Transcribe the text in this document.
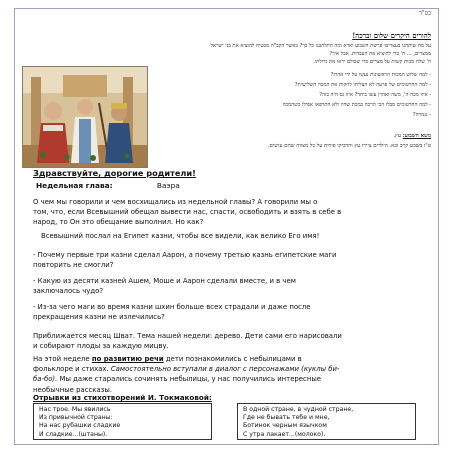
בס"ד
להורים היקרים שלום וברכה!
על מה שותהגו בעצרים׳ פרשת השבוע וארא ומה התלהבנו כל כך? באשר הקב"ה מבטיח להוציא את בני ישראל
ממצרים, ... ה' כדי להוציא את העבדות. אבל איך?
ה' שלח מכות קשות על מצרים כדי שכולם יראו את גדולתו.
- למה שלוש המכות הראשונות נעשו על ידי אהרן?
- למה החרטומים של פרעה לא הצליחו לחקות את המכה השלישית?
- איזו מכה ה', משה ואהרן עשו ביחד? איזו נס היה בזה?
- למה החרטומים סבלו הכי הרבה במכת שחין ולא התרפאו אפילו כשהמכה
- נגמרה?
נושא השבוע: עץ.
ט"ו בשבט קרב ובא. הילדים ציירו עץ והדביקו פירות על כל מצווה שהם עושים.
Здравствуйте, дорогие родители!
Недельная глава:	Ваэра
О чем мы говорили и чем восхищались из недельной главы? А говорили мы о
том, что, если Всевышний обещал вывести нас, спасти, освободить и взять в себе в
народ, то Он это обещание выполнил. Но как?
Всевышний послал на Египет казни, чтобы все видели, как велико Его имя!
- Почему первые три казни сделал Аарон, а почему третью казнь египетские маги
повторить не смогли?
- Какую из десяти казней Ашем, Моше и Аарон сделали вместе, и в чем
заключалось чудо?
- Из-за чего маги во время казни шхин больше всех страдали и даже после
прекращения казни не излечились?
Приближается месяц Шват. Тема нашей недели: дерево. Дети сами его нарисовали
и собирают плоды за каждую мицву.
На этой неделе по развитию речи дети познакомились с небылицами в
фольклоре и стихах. Самостоятельно вступали в диалог с персонажами (куклы би-
ба-бо). Мы даже старались сочинять небылицы, у нас получились интересные
необычные рассказы.
Отрывки из стихотворений И. Токмаковой:
Нас трое. Мы явились
Из привычной страны:
На нас рубашки сладкие
И сладкие...(штаны).
В одной стране, в чудной стране,
Где не бывать тебе и мне,
Ботинок черным язычком
С утра лакает...(молоко).
